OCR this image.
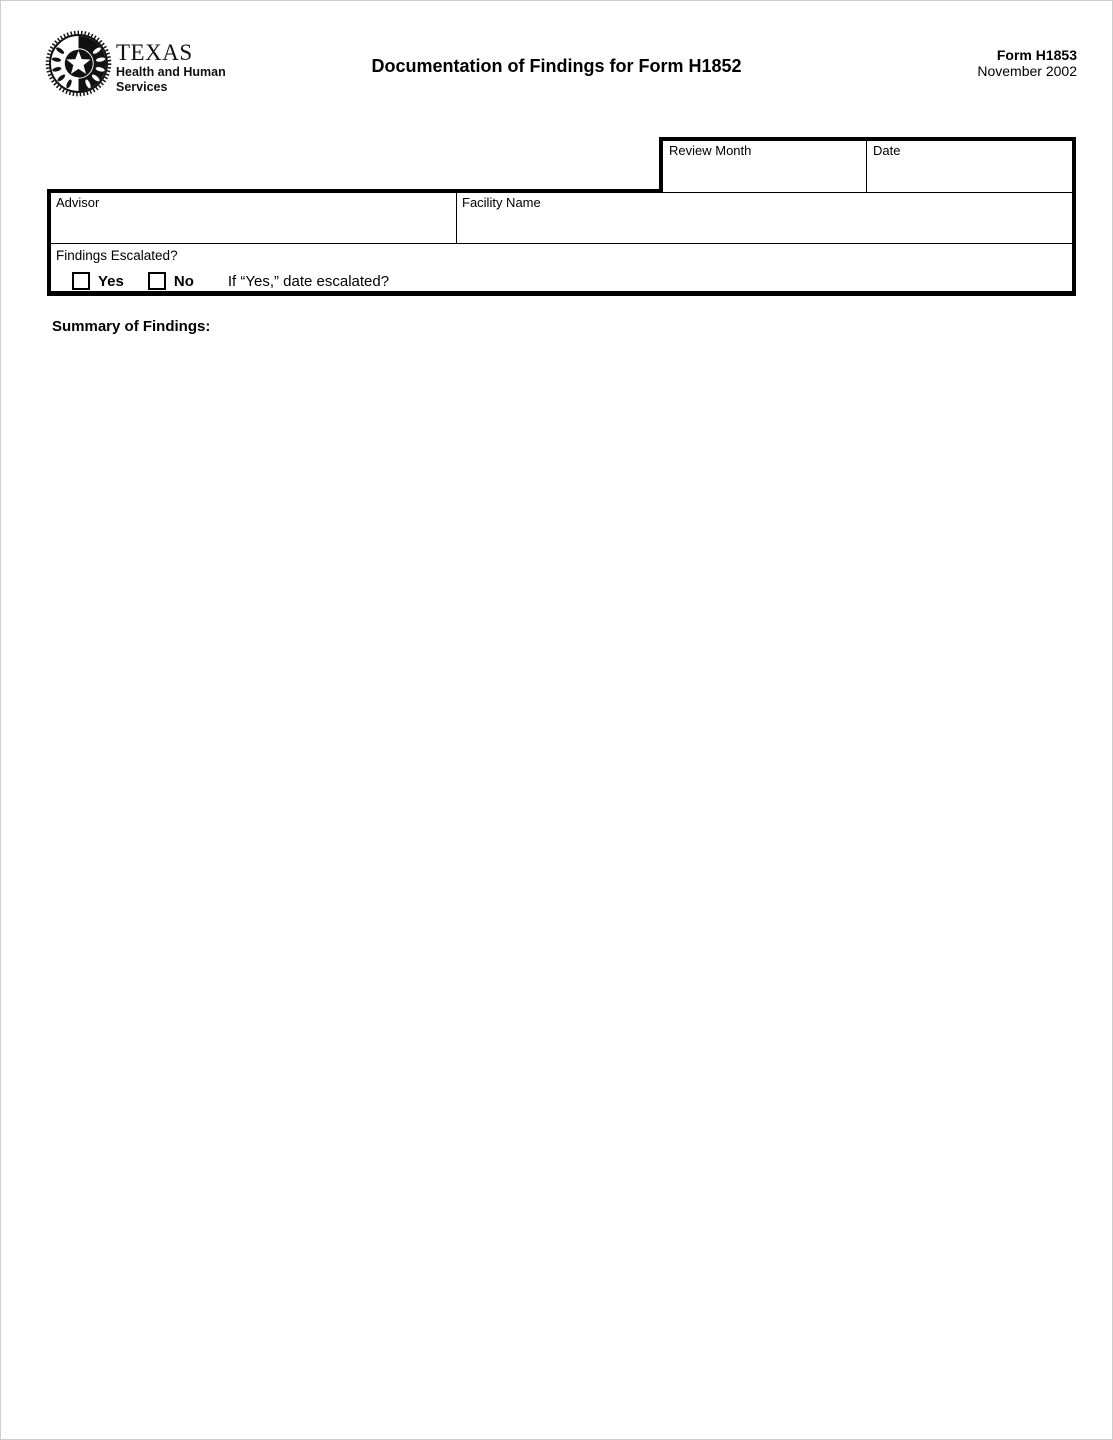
TEXAS
Health and Human
Services
Documentation of Findings for Form H1852
Form H1853
November 2002
Review Month	Date
Advisor	Facility Name
Findings Escalated?
Yes	No If “Yes,” date escalated?
Summary of Findings:
